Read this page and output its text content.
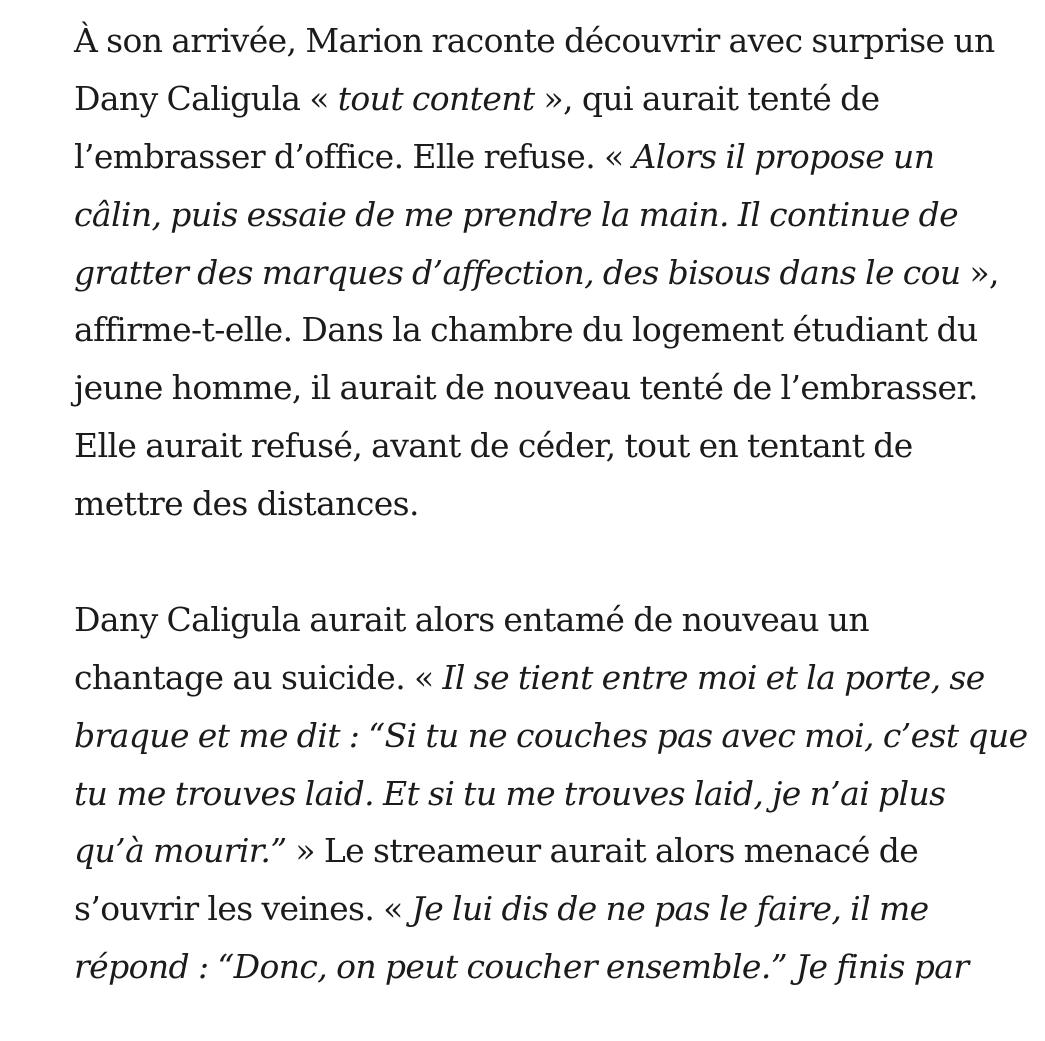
À son arrivée, Marion raconte découvrir avec surprise un
Dany Caligula « tout content », qui aurait tenté de
l’embrasser d’office. Elle refuse. « Alors il propose un
câlin, puis essaie de me prendre la main. Il continue de
gratter des marques d’affection, des bisous dans le cou »,
affirme-t-elle. Dans la chambre du logement étudiant du
jeune homme, il aurait de nouveau tenté de l’embrasser.
Elle aurait refusé, avant de céder, tout en tentant de
mettre des distances.
Dany Caligula aurait alors entamé de nouveau un
chantage au suicide. « Il se tient entre moi et la porte, se
braque et me dit : “Si tu ne couches pas avec moi, c’est que
tu me trouves laid. Et si tu me trouves laid, je n’ai plus
qu’à mourir.” » Le streameur aurait alors menacé de
s’ouvrir les veines. « Je lui dis de ne pas le faire, il me
répond : “Donc, on peut coucher ensemble.” Je finis par
